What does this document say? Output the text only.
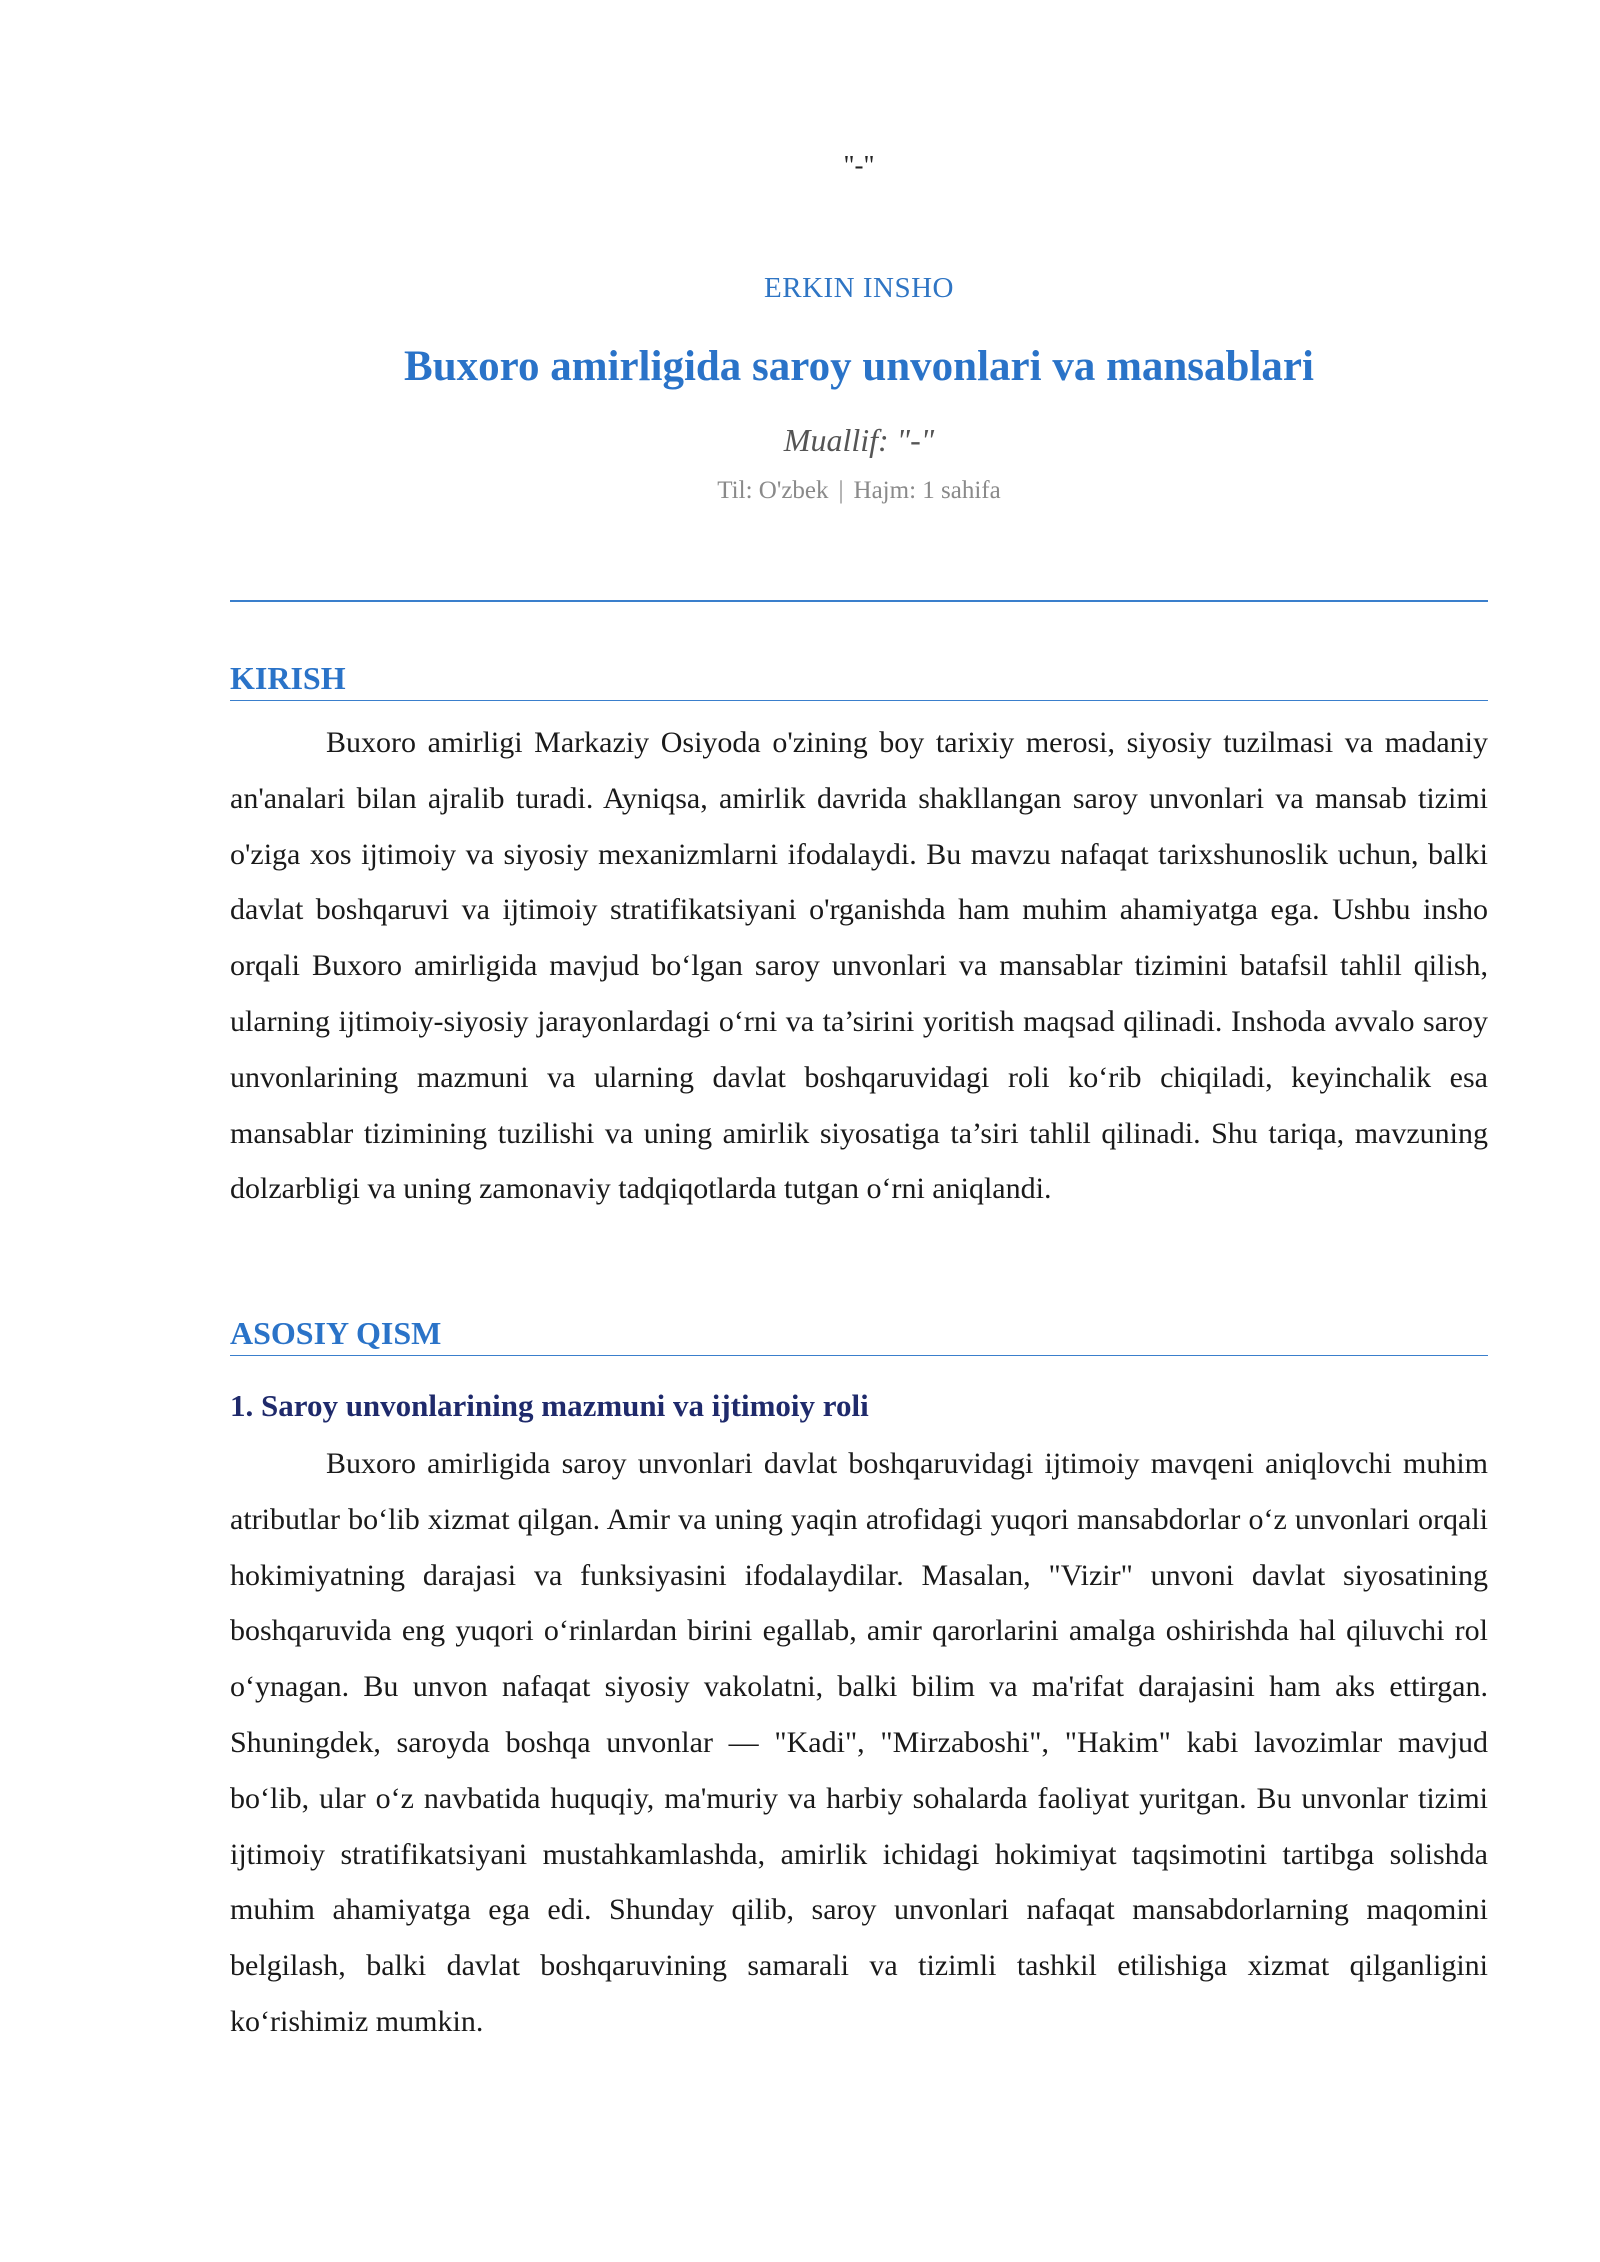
"-"
ERKIN INSHO
Buxoro amirligida saroy unvonlari va mansablari
Muallif: "-"
Til: O'zbek | Hajm: 1 sahifa
KIRISH

Buxoro amirligi Markaziy Osiyoda o'zining boy tarixiy merosi, siyosiy tuzilmasi va madaniy an'analari bilan ajralib turadi. Ayniqsa, amirlik davrida shakllangan saroy unvonlari va mansab tizimi o'ziga xos ijtimoiy va siyosiy mexanizmlarni ifodalaydi. Bu mavzu nafaqat tarixshunoslik uchun, balki davlat boshqaruvi va ijtimoiy stratifikatsiyani o'rganishda ham muhim ahamiyatga ega. Ushbu insho orqali Buxoro amirligida mavjud bo‘lgan saroy unvonlari va mansablar tizimini batafsil tahlil qilish, ularning ijtimoiy-siyosiy jarayonlardagi o‘rni va ta’sirini yoritish maqsad qilinadi. Inshoda avvalo saroy unvonlarining mazmuni va ularning davlat boshqaruvidagi roli ko‘rib chiqiladi, keyinchalik esa mansablar tizimining tuzilishi va uning amirlik siyosatiga ta’siri tahlil qilinadi. Shu tariqa, mavzuning dolzarbligi va uning zamonaviy tadqiqotlarda tutgan o‘rni aniqlandi.

ASOSIY QISM
1. Saroy unvonlarining mazmuni va ijtimoiy roli

Buxoro amirligida saroy unvonlari davlat boshqaruvidagi ijtimoiy mavqeni aniqlovchi muhim atributlar bo‘lib xizmat qilgan. Amir va uning yaqin atrofidagi yuqori mansabdorlar o‘z unvonlari orqali hokimiyatning darajasi va funksiyasini ifodalaydilar. Masalan, "Vizir" unvoni davlat siyosatining boshqaruvida eng yuqori o‘rinlardan birini egallab, amir qarorlarini amalga oshirishda hal qiluvchi rol o‘ynagan. Bu unvon nafaqat siyosiy vakolatni, balki bilim va ma'rifat darajasini ham aks ettirgan. Shuningdek, saroyda boshqa unvonlar — "Kadi", "Mirzaboshi", "Hakim" kabi lavozimlar mavjud bo‘lib, ular o‘z navbatida huquqiy, ma'muriy va harbiy sohalarda faoliyat yuritgan. Bu unvonlar tizimi ijtimoiy stratifikatsiyani mustahkamlashda, amirlik ichidagi hokimiyat taqsimotini tartibga solishda muhim ahamiyatga ega edi. Shunday qilib, saroy unvonlari nafaqat mansabdorlarning maqomini belgilash, balki davlat boshqaruvining samarali va tizimli tashkil etilishiga xizmat qilganligini ko‘rishimiz mumkin.
